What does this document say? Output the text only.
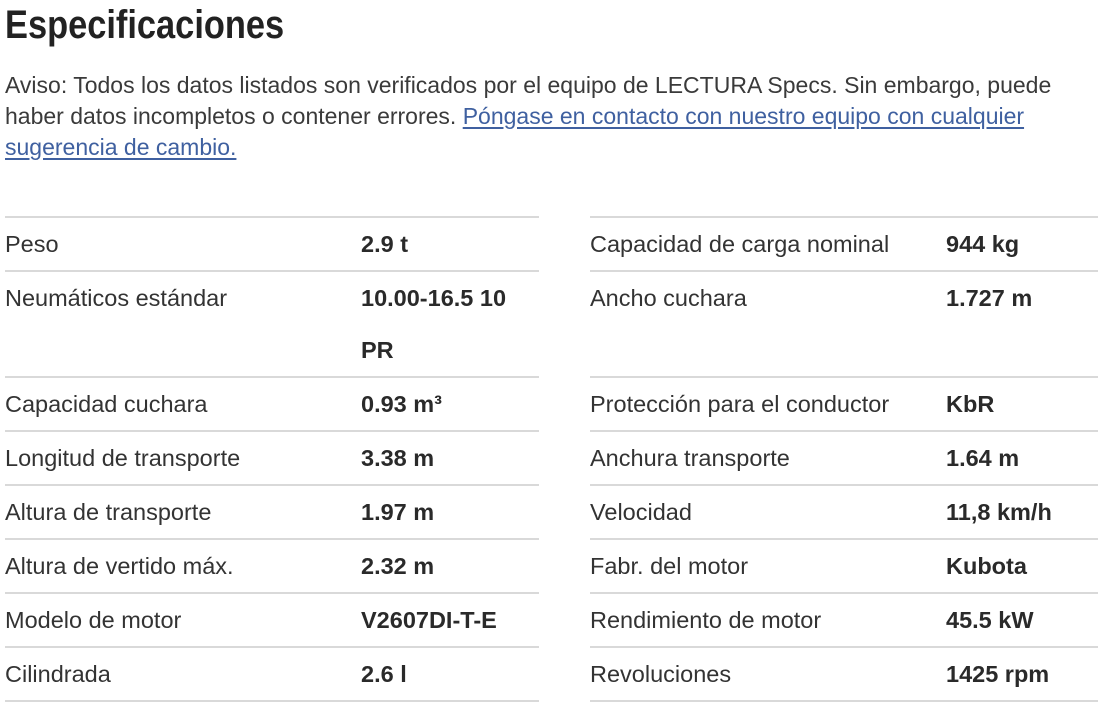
Especificaciones

Aviso: Todos los datos listados son verificados por el equipo de LECTURA Specs. Sin embargo, puede haber datos incompletos o contener errores. Póngase en contacto con nuestro equipo con cualquier sugerencia de cambio.

Peso	2.9 t
Neumáticos estándar	10.00-16.5 10 PR
Capacidad cuchara	0.93 m³
Longitud de transporte	3.38 m
Altura de transporte	1.97 m
Altura de vertido máx.	2.32 m
Modelo de motor	V2607DI-T-E
Cilindrada	2.6 l
Capacidad de carga nominal	944 kg
Ancho cuchara	1.727 m
Protección para el conductor	KbR
Anchura transporte	1.64 m
Velocidad	11,8 km/h
Fabr. del motor	Kubota
Rendimiento de motor	45.5 kW
Revoluciones	1425 rpm
